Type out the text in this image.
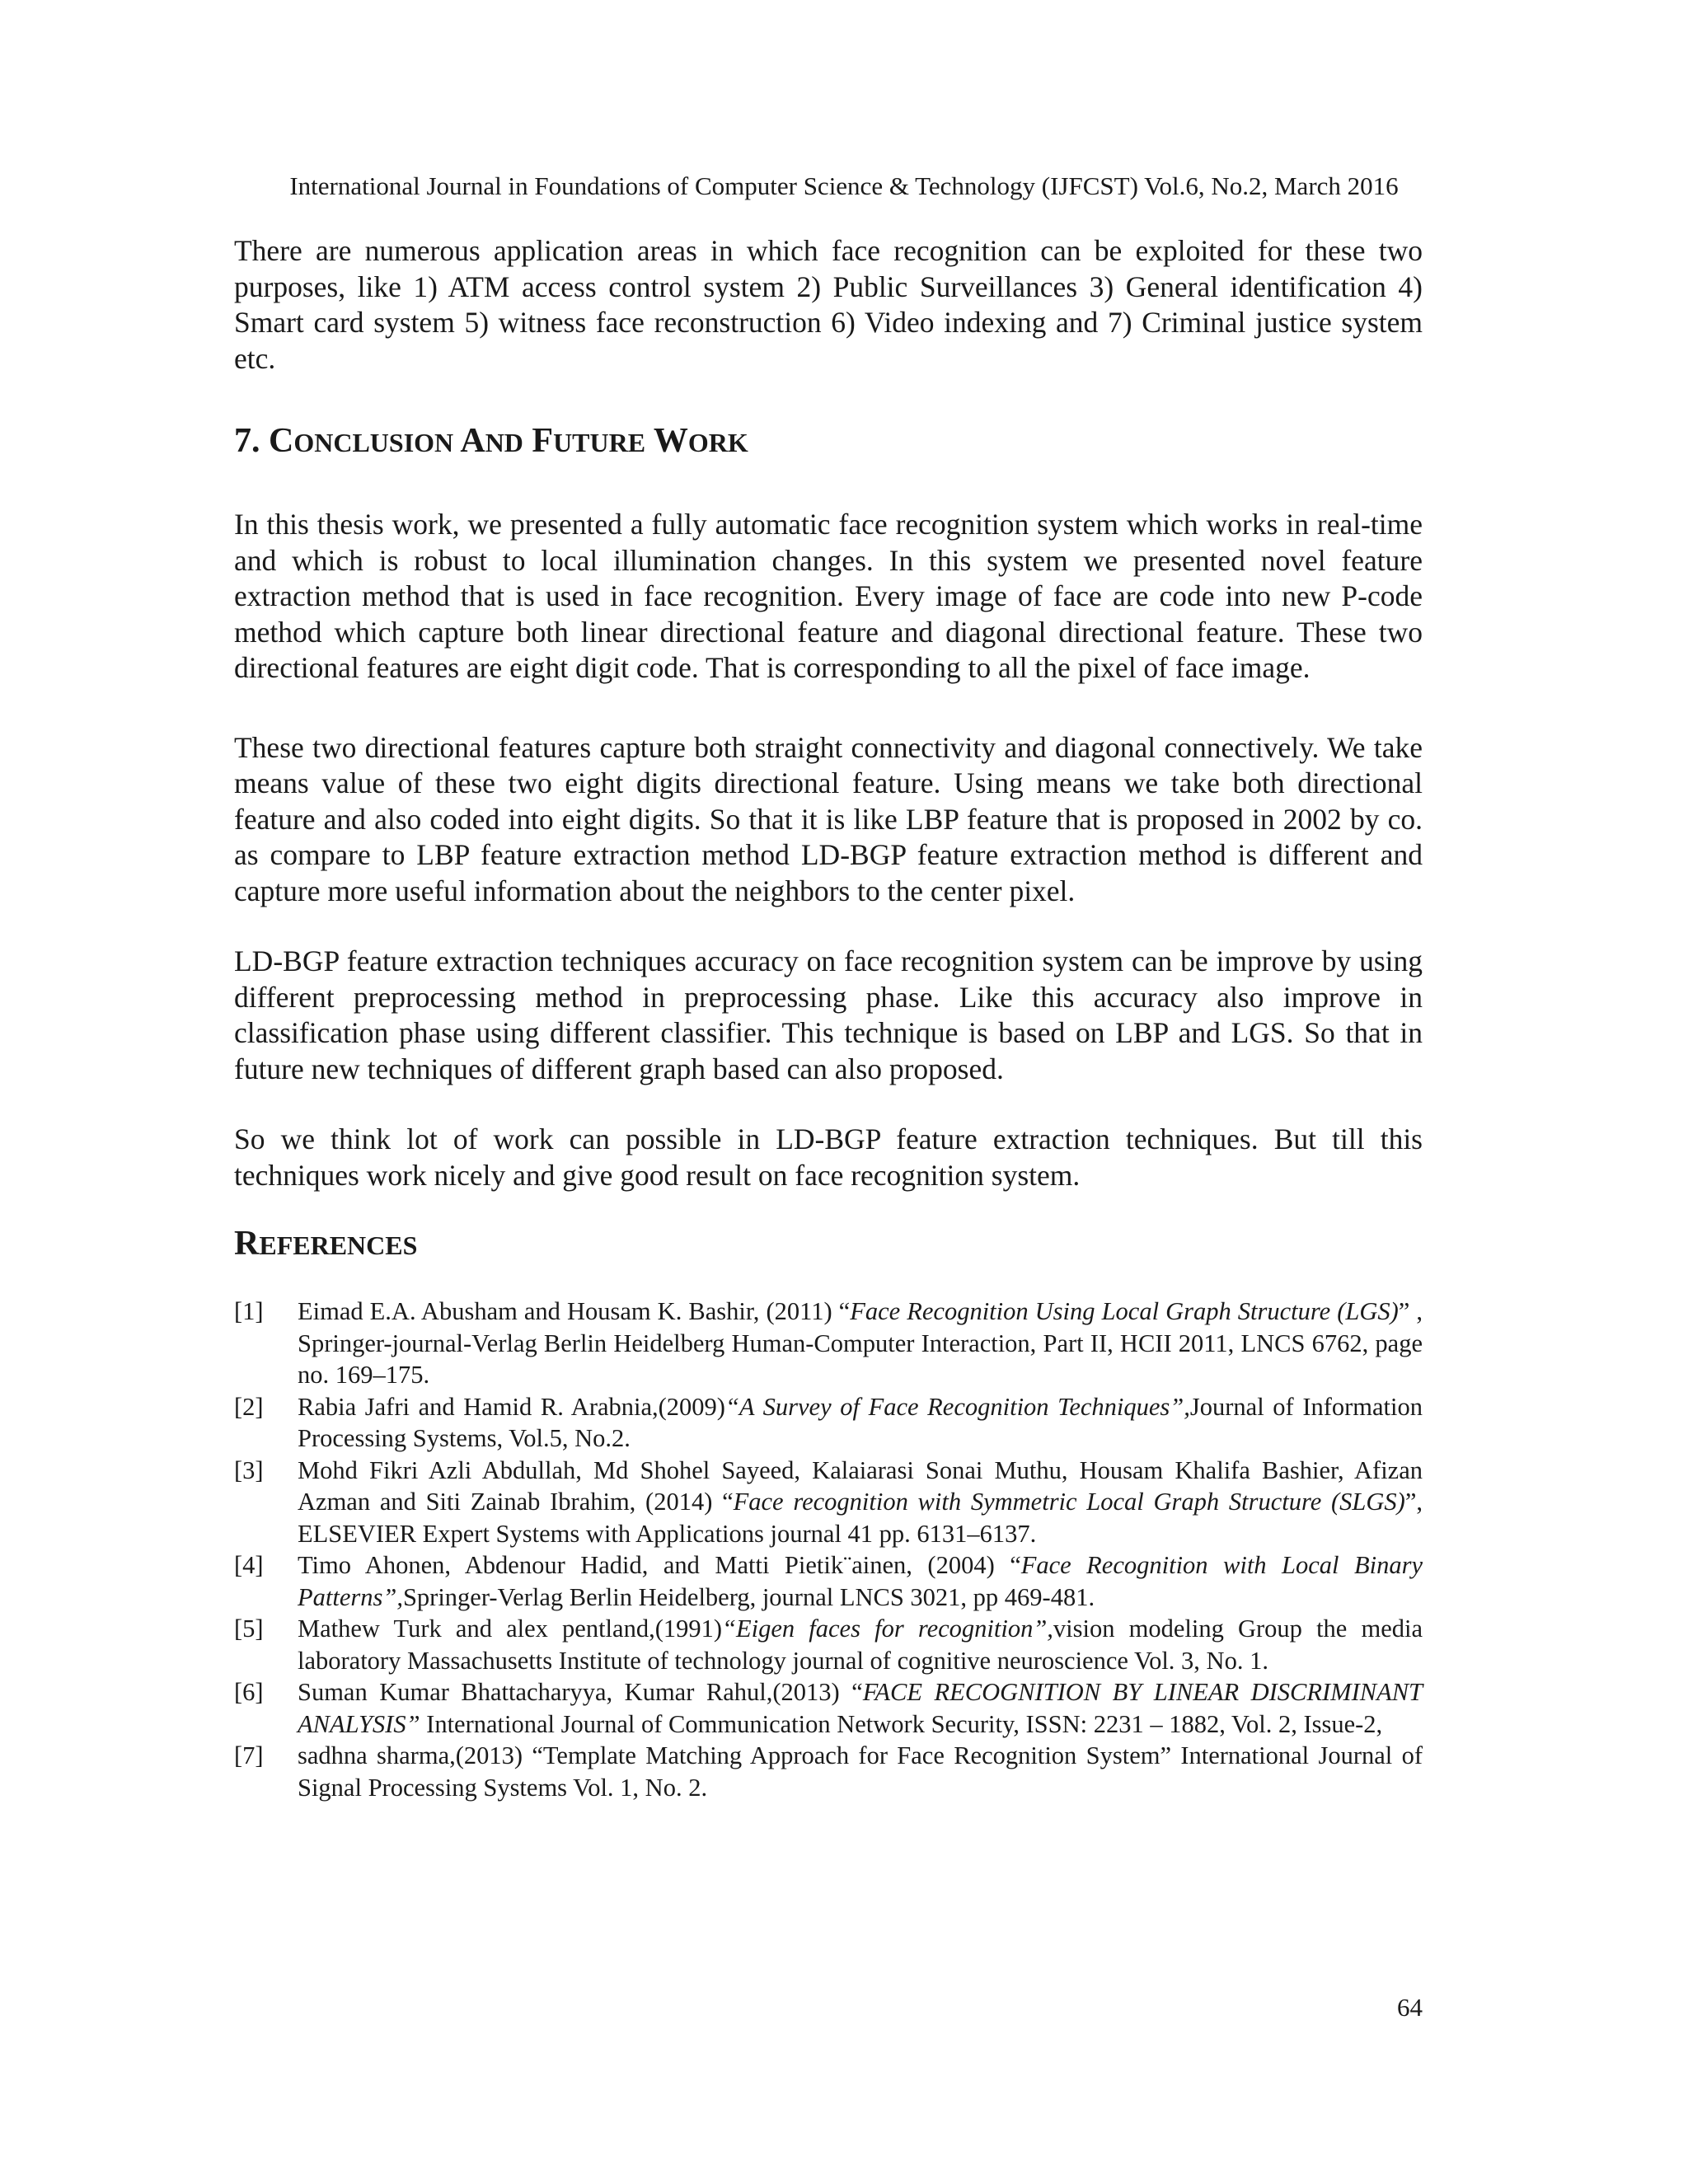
International Journal in Foundations of Computer Science & Technology (IJFCST) Vol.6, No.2, March 2016

There are numerous application areas in which face recognition can be exploited for these two purposes, like 1) ATM access control system 2) Public Surveillances 3) General identification 4) Smart card system 5) witness face reconstruction 6) Video indexing and 7) Criminal justice system etc.

7. CONCLUSION AND FUTURE WORK

In this thesis work, we presented a fully automatic face recognition system which works in real-time and which is robust to local illumination changes. In this system we presented novel feature extraction method that is used in face recognition. Every image of face are code into new P-code method which capture both linear directional feature and diagonal directional feature. These two directional features are eight digit code. That is corresponding to all the pixel of face image.

These two directional features capture both straight connectivity and diagonal connectively. We take means value of these two eight digits directional feature. Using means we take both directional feature and also coded into eight digits. So that it is like LBP feature that is proposed in 2002 by co. as compare to LBP feature extraction method LD-BGP feature extraction method is different and capture more useful information about the neighbors to the center pixel.

LD-BGP feature extraction techniques accuracy on face recognition system can be improve by using different preprocessing method in preprocessing phase. Like this accuracy also improve in classification phase using different classifier. This technique is based on LBP and LGS. So that in future new techniques of different graph based can also proposed.

So we think lot of work can possible in LD-BGP feature extraction techniques. But till this techniques work nicely and give good result on face recognition system.

REFERENCES
[1] Eimad E.A. Abusham and Housam K. Bashir, (2011) “Face Recognition Using Local Graph Structure (LGS)” , Springer-journal-Verlag Berlin Heidelberg Human-Computer Interaction, Part II, HCII 2011, LNCS 6762, page no. 169–175.
[2] Rabia Jafri and Hamid R. Arabnia,(2009)“A Survey of Face Recognition Techniques”,Journal of Information Processing Systems, Vol.5, No.2.
[3] Mohd Fikri Azli Abdullah, Md Shohel Sayeed, Kalaiarasi Sonai Muthu, Housam Khalifa Bashier, Afizan Azman and Siti Zainab Ibrahim, (2014) “Face recognition with Symmetric Local Graph Structure (SLGS)”, ELSEVIER Expert Systems with Applications journal 41 pp. 6131–6137.
[4] Timo Ahonen, Abdenour Hadid, and Matti Pietik¨ainen, (2004) “Face Recognition with Local Binary Patterns”,Springer-Verlag Berlin Heidelberg, journal LNCS 3021, pp 469-481.
[5] Mathew Turk and alex pentland,(1991)“Eigen faces for recognition”,vision modeling Group the media laboratory Massachusetts Institute of technology journal of cognitive neuroscience Vol. 3, No. 1.
[6] Suman Kumar Bhattacharyya, Kumar Rahul,(2013) “FACE RECOGNITION BY LINEAR DISCRIMINANT ANALYSIS” International Journal of Communication Network Security, ISSN: 2231 – 1882, Vol. 2, Issue-2,
[7] sadhna sharma,(2013) “Template Matching Approach for Face Recognition System” International Journal of Signal Processing Systems Vol. 1, No. 2.
64
